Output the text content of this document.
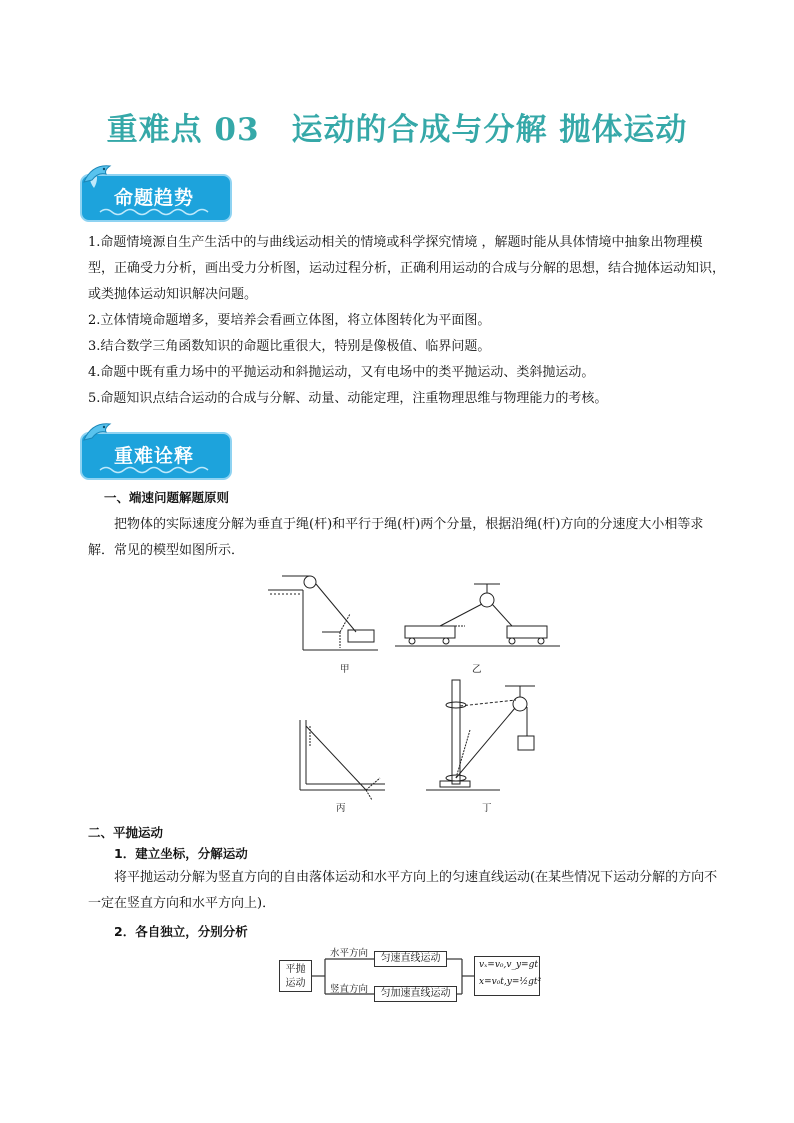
重难点 03　运动的合成与分解 抛体运动
命题趋势

1.命题情境源自生产生活中的与曲线运动相关的情境或科学探究情境 ，解题时能从具体情境中抽象出物理模型，正确受力分析，画出受力分析图，运动过程分析，正确利用运动的合成与分解的思想，结合抛体运动知识，或类抛体运动知识解决问题。

2.立体情境命题增多，要培养会看画立体图，将立体图转化为平面图。

3.结合数学三角函数知识的命题比重很大，特别是像极值、临界问题。

4.命题中既有重力场中的平抛运动和斜抛运动，又有电场中的类平抛运动、类斜抛运动。

5.命题知识点结合运动的合成与分解、动量、动能定理，注重物理思维与物理能力的考核。

重难诠释
一、端速问题解题原则
把物体的实际速度分解为垂直于绳(杆)和平行于绳(杆)两个分量，根据沿绳(杆)方向的分速度大小相等求解．常见的模型如图所示．
甲	乙
丙	丁
二、平抛运动
1．建立坐标，分解运动
将平抛运动分解为竖直方向的自由落体运动和水平方向上的匀速直线运动(在某些情况下运动分解的方向不一定在竖直方向和水平方向上)．
2．各自独立，分别分析
平抛
运动
水平方向
竖直方向
匀速直线运动
匀加速直线运动
vₓ=v₀,v_y=gt
x=v₀t,y=½gt²
